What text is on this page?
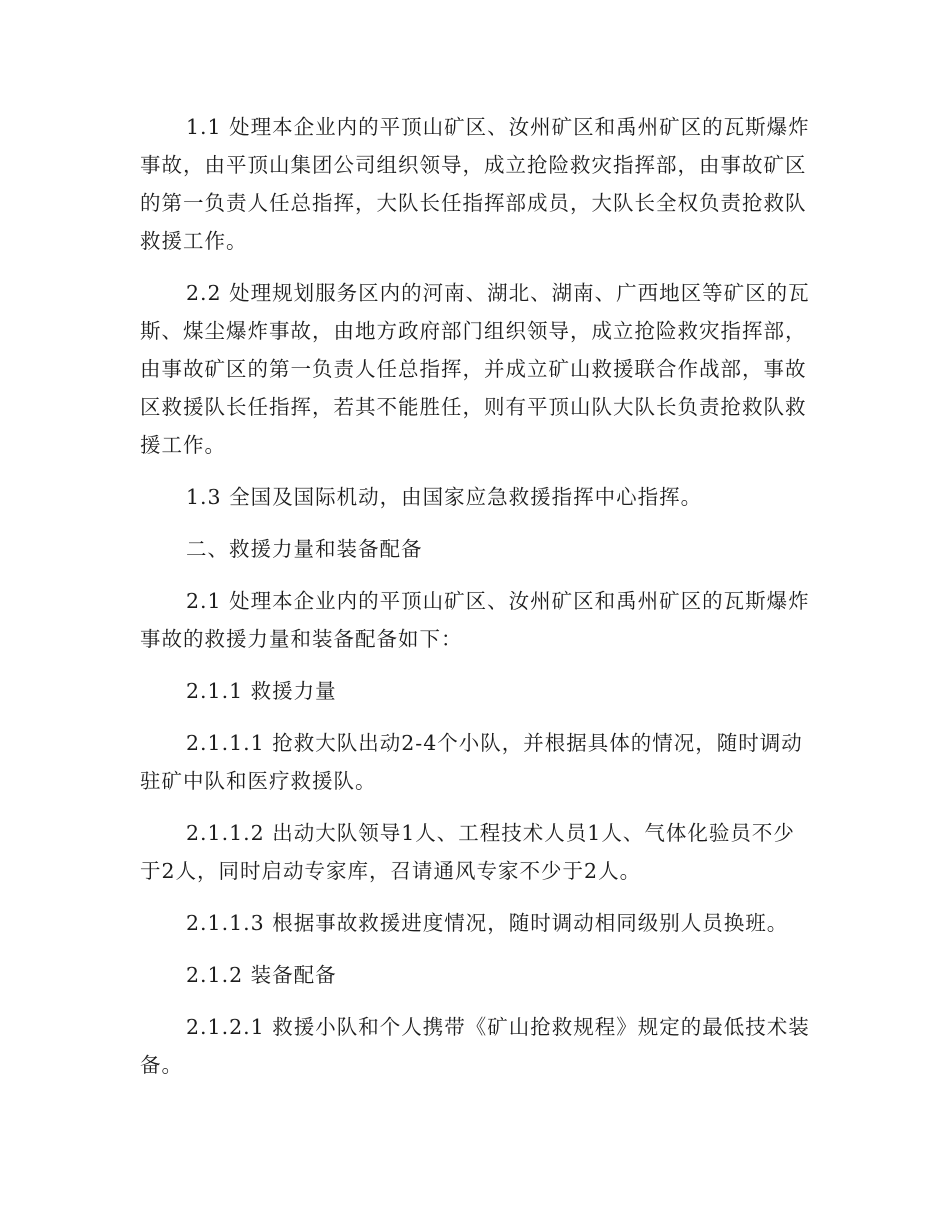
1.1 处理本企业内的平顶山矿区、汝州矿区和禹州矿区的瓦斯爆炸事故，由平顶山集团公司组织领导，成立抢险救灾指挥部，由事故矿区的第一负责人任总指挥，大队长任指挥部成员，大队长全权负责抢救队救援工作。

2.2 处理规划服务区内的河南、湖北、湖南、广西地区等矿区的瓦斯、煤尘爆炸事故，由地方政府部门组织领导，成立抢险救灾指挥部，由事故矿区的第一负责人任总指挥，并成立矿山救援联合作战部，事故区救援队长任指挥，若其不能胜任，则有平顶山队大队长负责抢救队救援工作。

1.3 全国及国际机动，由国家应急救援指挥中心指挥。

二、救援力量和装备配备

2.1 处理本企业内的平顶山矿区、汝州矿区和禹州矿区的瓦斯爆炸事故的救援力量和装备配备如下：

2.1.1 救援力量

2.1.1.1 抢救大队出动2-4个小队，并根据具体的情况，随时调动驻矿中队和医疗救援队。

2.1.1.2 出动大队领导1人、工程技术人员1人、气体化验员不少于2人，同时启动专家库，召请通风专家不少于2人。

2.1.1.3 根据事故救援进度情况，随时调动相同级别人员换班。

2.1.2 装备配备

2.1.2.1 救援小队和个人携带《矿山抢救规程》规定的最低技术装备。
